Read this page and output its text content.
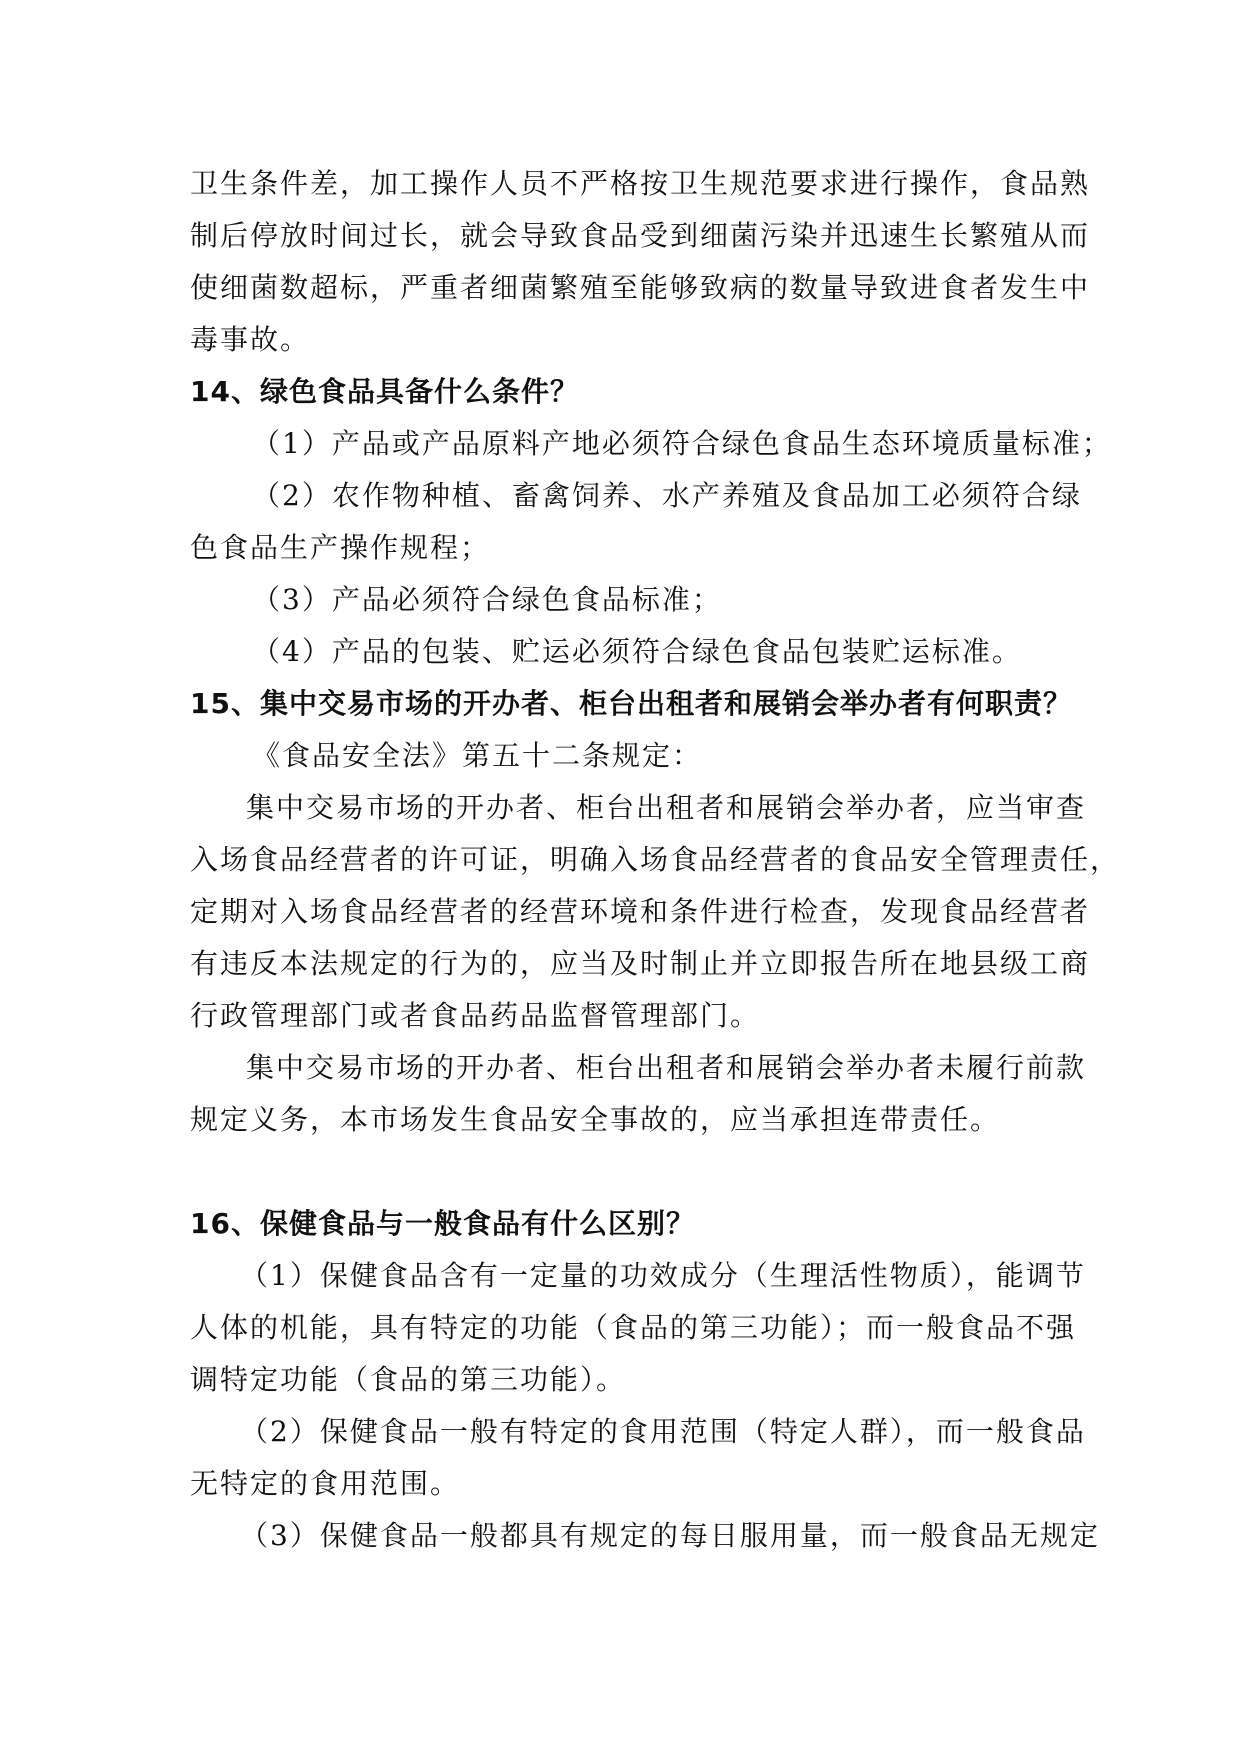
卫生条件差，加工操作人员不严格按卫生规范要求进行操作，食品熟
制后停放时间过长，就会导致食品受到细菌污染并迅速生长繁殖从而
使细菌数超标，严重者细菌繁殖至能够致病的数量导致进食者发生中
毒事故。
14、绿色食品具备什么条件？
（1）产品或产品原料产地必须符合绿色食品生态环境质量标准；
（2）农作物种植、畜禽饲养、水产养殖及食品加工必须符合绿
色食品生产操作规程；
（3）产品必须符合绿色食品标准；
（4）产品的包装、贮运必须符合绿色食品包装贮运标准。
15、集中交易市场的开办者、柜台出租者和展销会举办者有何职责？
《食品安全法》第五十二条规定：
集中交易市场的开办者、柜台出租者和展销会举办者，应当审查
入场食品经营者的许可证，明确入场食品经营者的食品安全管理责任，
定期对入场食品经营者的经营环境和条件进行检查，发现食品经营者
有违反本法规定的行为的，应当及时制止并立即报告所在地县级工商
行政管理部门或者食品药品监督管理部门。
集中交易市场的开办者、柜台出租者和展销会举办者未履行前款
规定义务，本市场发生食品安全事故的，应当承担连带责任。
16、保健食品与一般食品有什么区别？
（1）保健食品含有一定量的功效成分（生理活性物质），能调节
人体的机能，具有特定的功能（食品的第三功能）；而一般食品不强
调特定功能（食品的第三功能）。
（2）保健食品一般有特定的食用范围（特定人群），而一般食品
无特定的食用范围。
（3）保健食品一般都具有规定的每日服用量，而一般食品无规定
